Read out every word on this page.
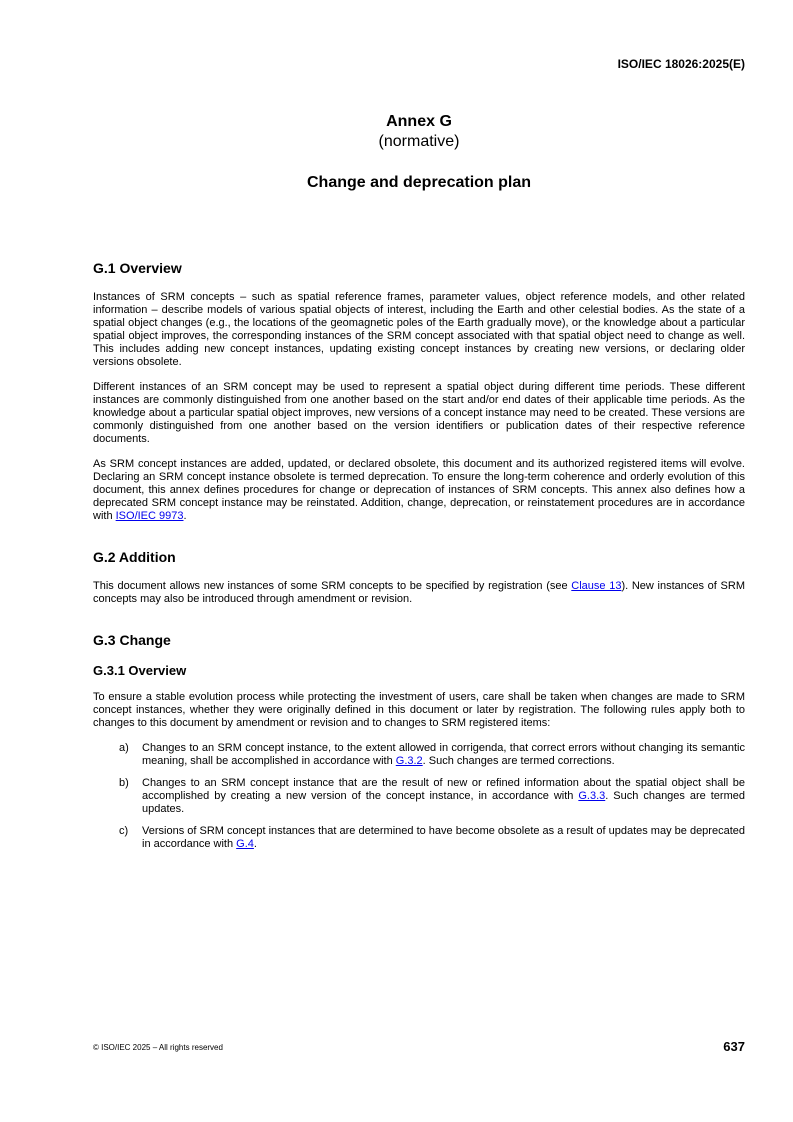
ISO/IEC 18026:2025(E)
Annex G
(normative)
Change and deprecation plan
G.1 Overview

Instances of SRM concepts – such as spatial reference frames, parameter values, object reference models, and other related information – describe models of various spatial objects of interest, including the Earth and other celestial bodies. As the state of a spatial object changes (e.g., the locations of the geomagnetic poles of the Earth gradually move), or the knowledge about a particular spatial object improves, the corresponding instances of the SRM concept associated with that spatial object need to change as well. This includes adding new concept instances, updating existing concept instances by creating new versions, or declaring older versions obsolete.

Different instances of an SRM concept may be used to represent a spatial object during different time periods. These different instances are commonly distinguished from one another based on the start and/or end dates of their applicable time periods. As the knowledge about a particular spatial object improves, new versions of a concept instance may need to be created. These versions are commonly distinguished from one another based on the version identifiers or publication dates of their respective reference documents.

As SRM concept instances are added, updated, or declared obsolete, this document and its authorized registered items will evolve. Declaring an SRM concept instance obsolete is termed deprecation. To ensure the long-term coherence and orderly evolution of this document, this annex defines procedures for change or deprecation of instances of SRM concepts. This annex also defines how a deprecated SRM concept instance may be reinstated. Addition, change, deprecation, or reinstatement procedures are in accordance with ISO/IEC 9973.

G.2 Addition

This document allows new instances of some SRM concepts to be specified by registration (see Clause 13). New instances of SRM concepts may also be introduced through amendment or revision.

G.3 Change
G.3.1 Overview

To ensure a stable evolution process while protecting the investment of users, care shall be taken when changes are made to SRM concept instances, whether they were originally defined in this document or later by registration. The following rules apply both to changes to this document by amendment or revision and to changes to SRM registered items:

a) Changes to an SRM concept instance, to the extent allowed in corrigenda, that correct errors without changing its semantic meaning, shall be accomplished in accordance with G.3.2. Such changes are termed corrections.
b) Changes to an SRM concept instance that are the result of new or refined information about the spatial object shall be accomplished by creating a new version of the concept instance, in accordance with G.3.3. Such changes are termed updates.
c) Versions of SRM concept instances that are determined to have become obsolete as a result of updates may be deprecated in accordance with G.4.
© ISO/IEC 2025 – All rights reserved	637
